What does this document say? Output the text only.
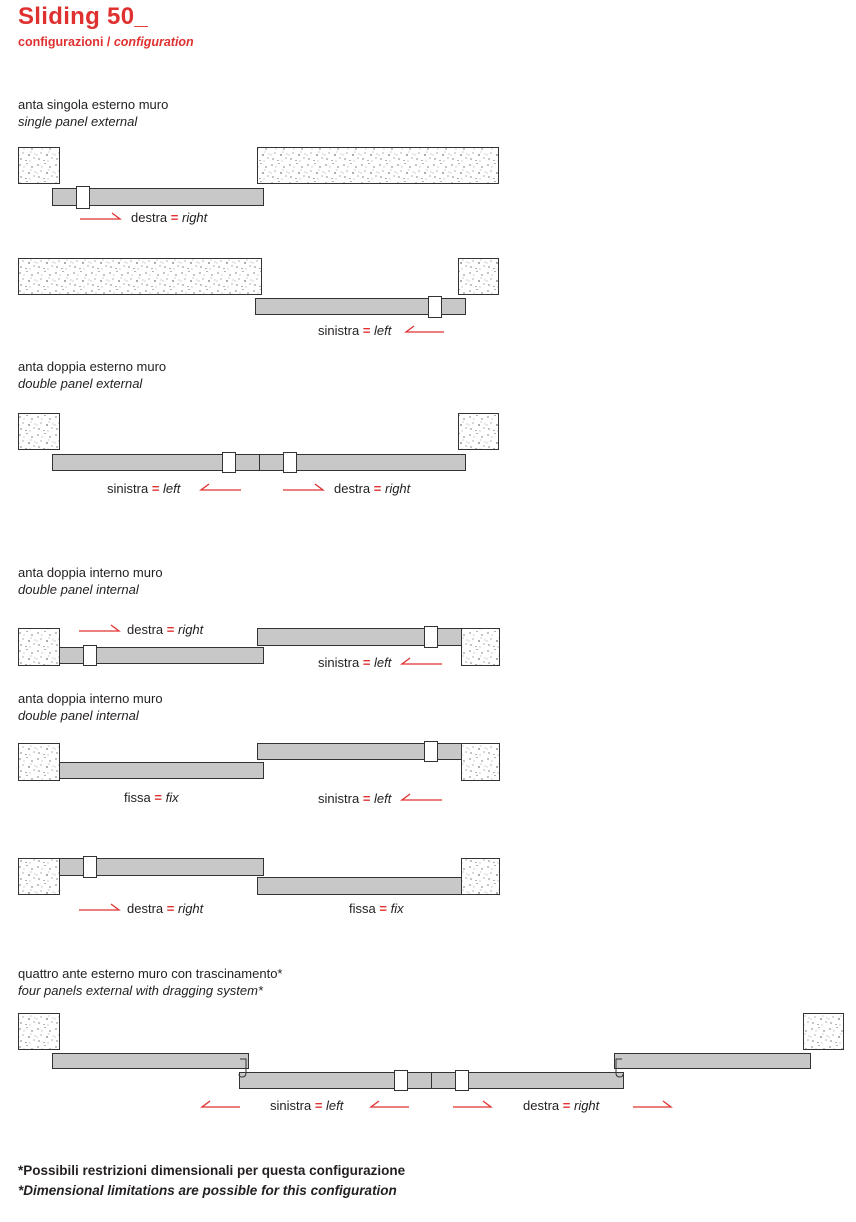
Sliding 50_
configurazioni / configuration
anta singola esterno muro
single panel external
anta doppia esterno muro
double panel external
anta doppia interno muro
double panel internal
anta doppia interno muro
double panel internal
quattro ante esterno muro con trascinamento*
four panels external with dragging system*
destra = right
sinistra = left
sinistra = left	destra = right
destra = right
sinistra = left
fissa = fix	sinistra = left
destra = right	fissa = fix
sinistra = left	destra = right
*Possibili restrizioni dimensionali per questa configurazione
*Dimensional limitations are possible for this configuration
